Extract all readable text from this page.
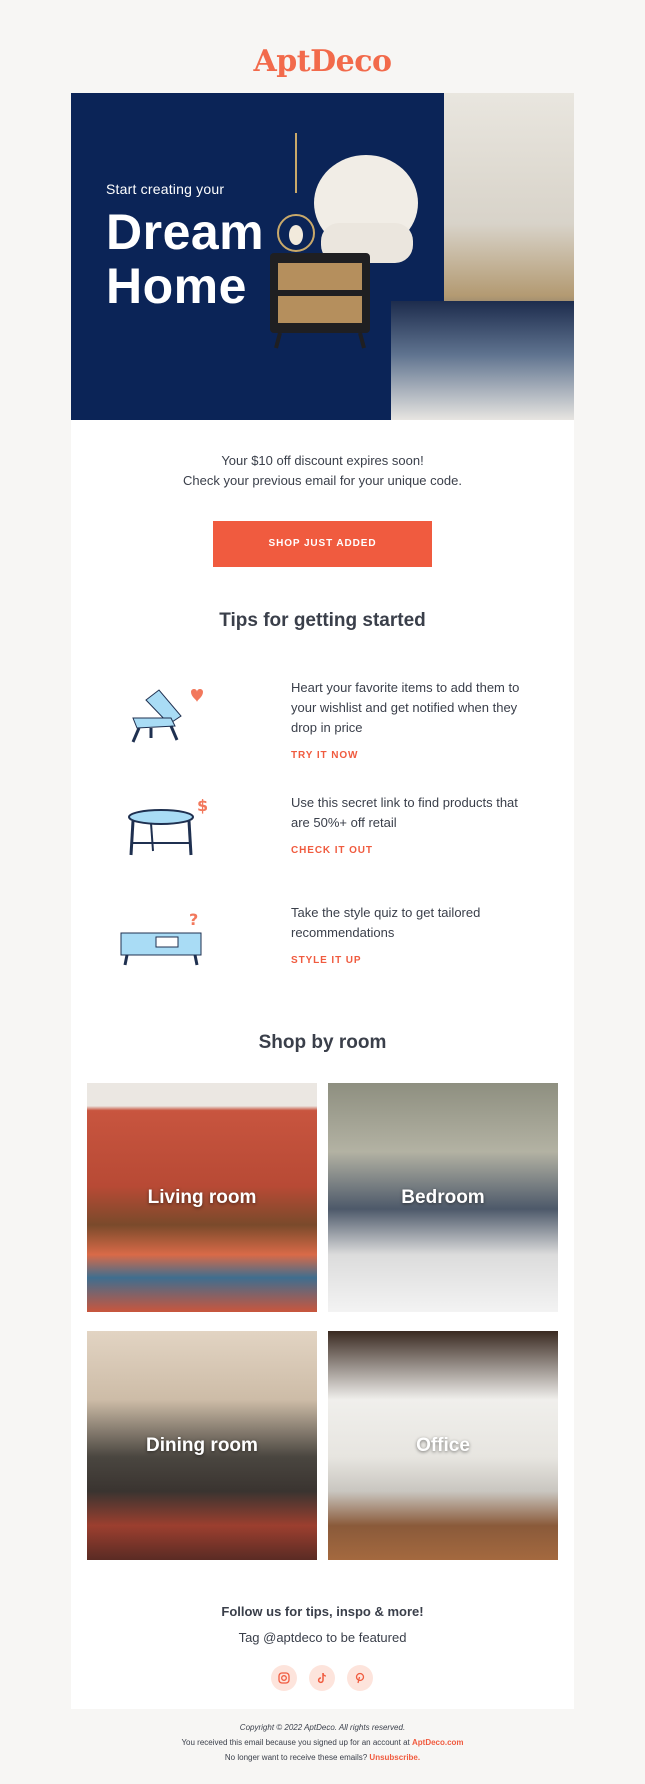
AptDeco
Start creating your
Dream
Home
Your $10 off discount expires soon!
Check your previous email for your unique code.
SHOP JUST ADDED
Tips for getting started
Heart your favorite items to add them to your wishlist and get notified when they drop in price
TRY IT NOW
$	Use this secret link to find products that are 50%+ off retail
CHECK IT OUT
?	Take the style quiz to get tailored recommendations
STYLE IT UP
Shop by room
Living room	Bedroom
Dining room	Office
Follow us for tips, inspo & more!
Tag @aptdeco to be featured
Copyright © 2022 AptDeco. All rights reserved.
You received this email because you signed up for an account at AptDeco.com
No longer want to receive these emails? Unsubscribe.
